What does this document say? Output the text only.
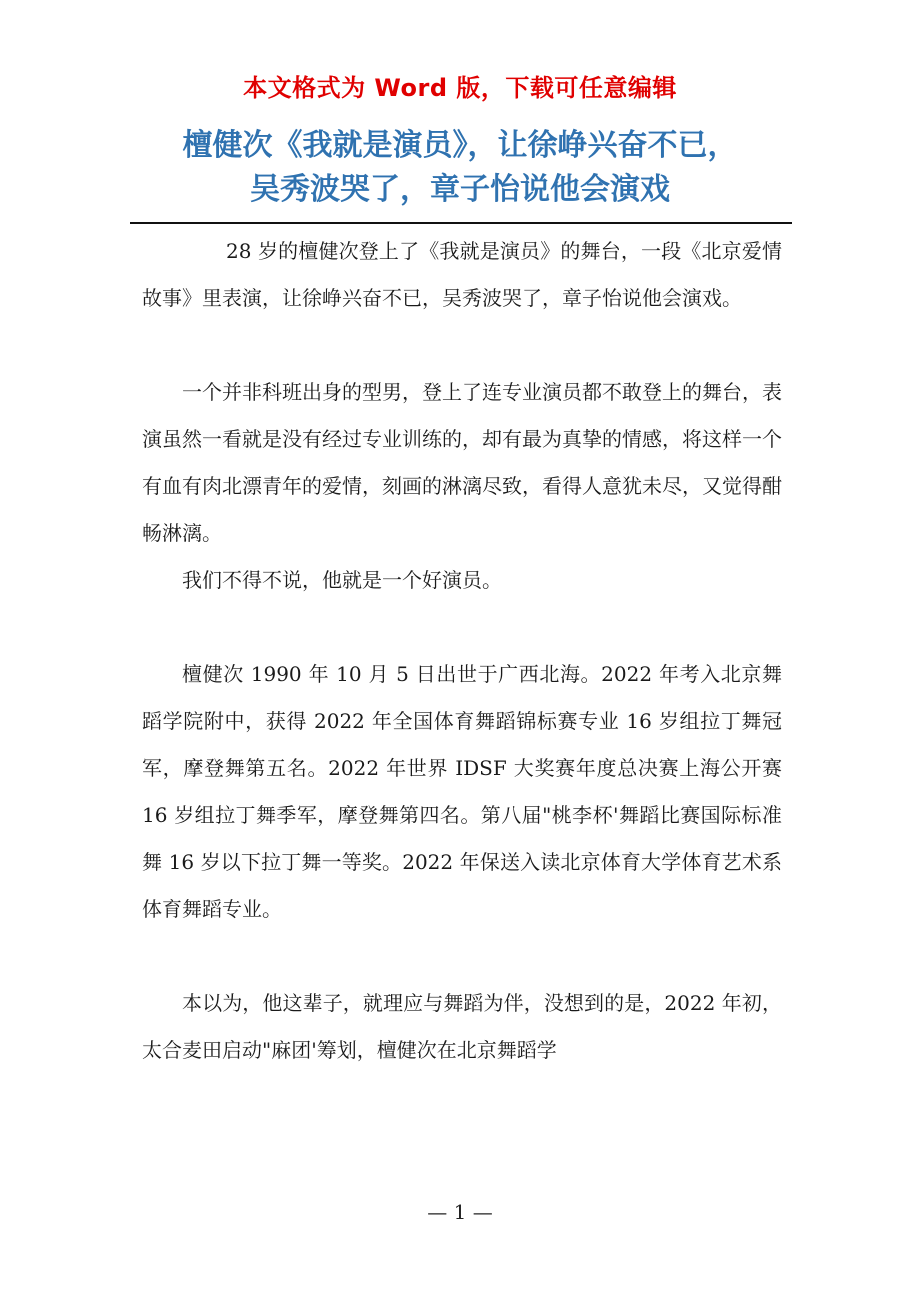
本文格式为 Word 版，下载可任意编辑
檀健次《我就是演员》，让徐峥兴奋不已，
吴秀波哭了，章子怡说他会演戏

28 岁的檀健次登上了《我就是演员》的舞台，一段《北京爱情故事》里表演，让徐峥兴奋不已，吴秀波哭了，章子怡说他会演戏。

一个并非科班出身的型男，登上了连专业演员都不敢登上的舞台，表演虽然一看就是没有经过专业训练的，却有最为真挚的情感，将这样一个有血有肉北漂青年的爱情，刻画的淋漓尽致，看得人意犹未尽，又觉得酣畅淋漓。

我们不得不说，他就是一个好演员。

檀健次 1990 年 10 月 5 日出世于广西北海。2022 年考入北京舞蹈学院附中，获得 2022 年全国体育舞蹈锦标赛专业 16 岁组拉丁舞冠军，摩登舞第五名。2022 年世界 IDSF 大奖赛年度总决赛上海公开赛 16 岁组拉丁舞季军，摩登舞第四名。第八届"桃李杯'舞蹈比赛国际标准舞 16 岁以下拉丁舞一等奖。2022 年保送入读北京体育大学体育艺术系体育舞蹈专业。

本以为，他这辈子，就理应与舞蹈为伴，没想到的是，2022 年初，太合麦田启动"麻团'筹划，檀健次在北京舞蹈学

— 1 —
